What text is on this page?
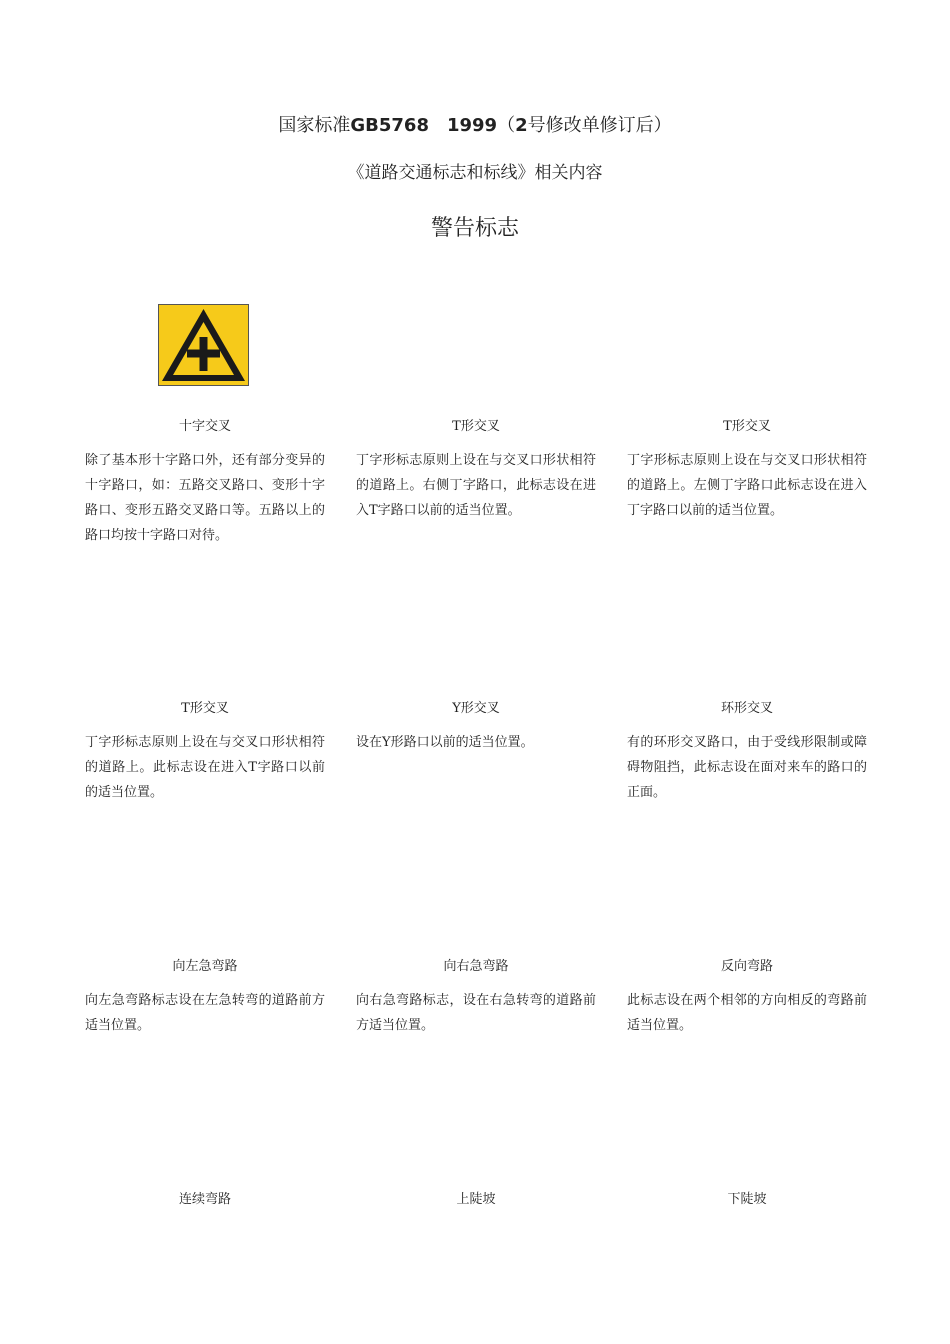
国家标准GB5768　1999（2号修改单修订后）
《道路交通标志和标线》相关内容
警告标志
十字交叉
除了基本形十字路口外，还有部分变异的十字路口，如：五路交叉路口、变形十字路口、变形五路交叉路口等。五路以上的路口均按十字路口对待。
T形交叉
丁字形标志原则上设在与交叉口形状相符的道路上。右侧丁字路口，此标志设在进入T字路口以前的适当位置。
T形交叉
丁字形标志原则上设在与交叉口形状相符的道路上。左侧丁字路口此标志设在进入丁字路口以前的适当位置。
T形交叉
丁字形标志原则上设在与交叉口形状相符的道路上。此标志设在进入T字路口以前的适当位置。
Y形交叉
设在Y形路口以前的适当位置。
环形交叉
有的环形交叉路口，由于受线形限制或障碍物阻挡，此标志设在面对来车的路口的正面。
向左急弯路
向左急弯路标志设在左急转弯的道路前方适当位置。
向右急弯路
向右急弯路标志，设在右急转弯的道路前方适当位置。
反向弯路
此标志设在两个相邻的方向相反的弯路前适当位置。
连续弯路	上陡坡	下陡坡
